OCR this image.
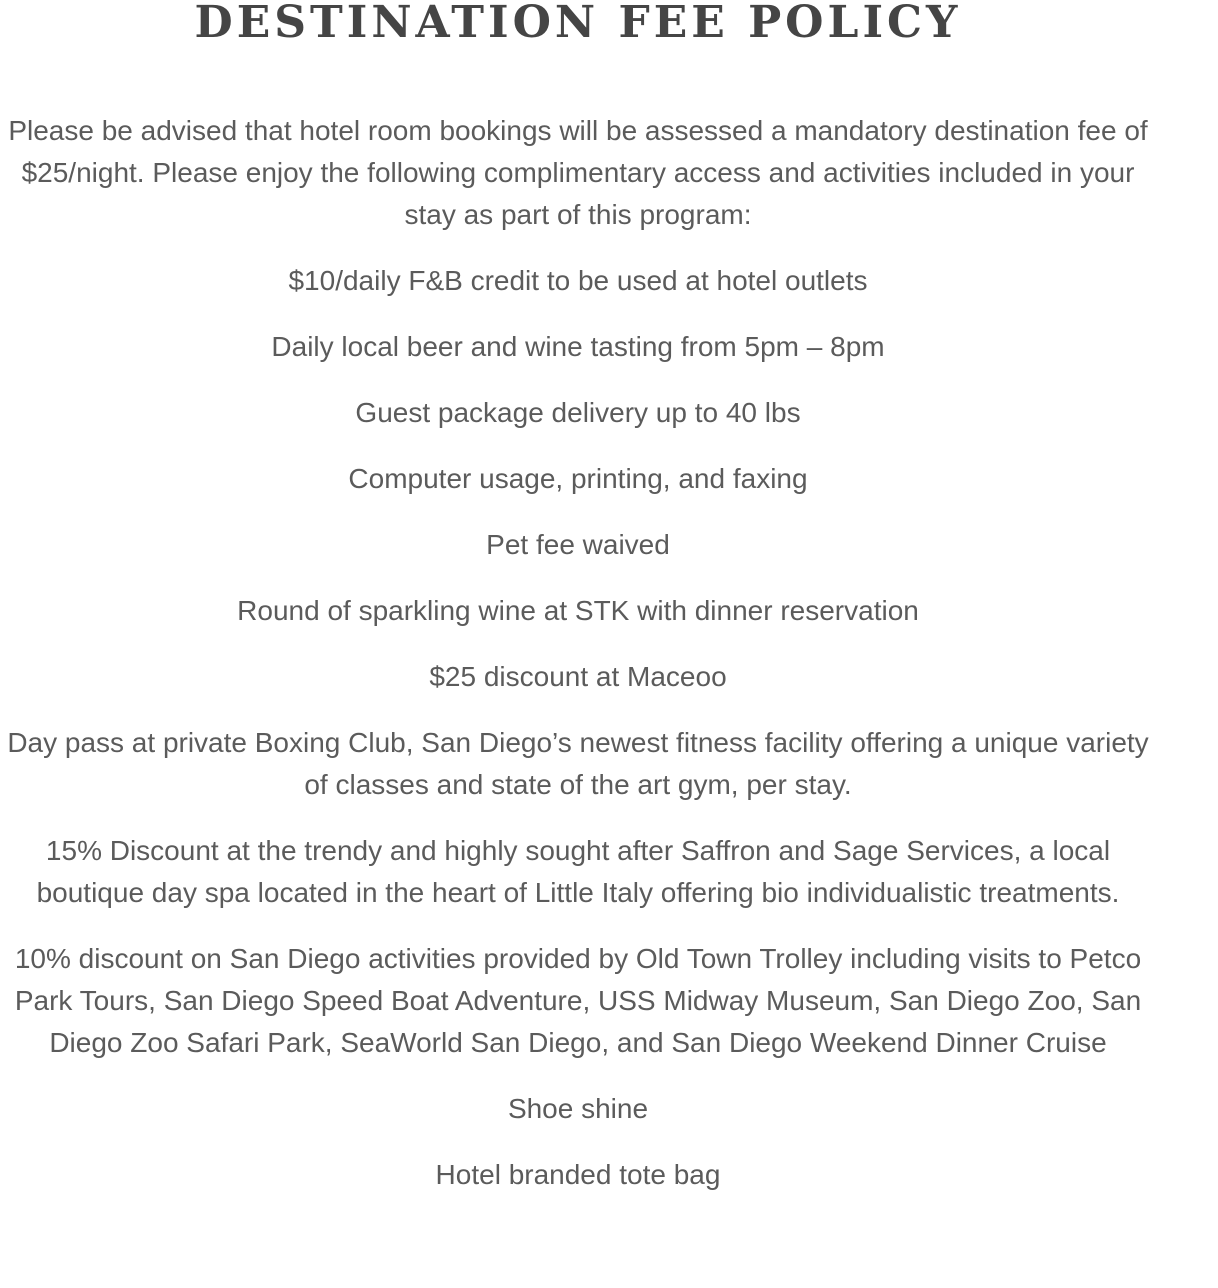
DESTINATION FEE POLICY

Please be advised that hotel room bookings will be assessed a mandatory destination fee of $25/night. Please enjoy the following complimentary access and activities included in your stay as part of this program:

$10/daily F&B credit to be used at hotel outlets

Daily local beer and wine tasting from 5pm – 8pm

Guest package delivery up to 40 lbs

Computer usage, printing, and faxing

Pet fee waived

Round of sparkling wine at STK with dinner reservation

$25 discount at Maceoo

Day pass at private Boxing Club, San Diego’s newest fitness facility offering a unique variety of classes and state of the art gym, per stay.

15% Discount at the trendy and highly sought after Saffron and Sage Services, a local boutique day spa located in the heart of Little Italy offering bio individualistic treatments.

10% discount on San Diego activities provided by Old Town Trolley including visits to Petco Park Tours, San Diego Speed Boat Adventure, USS Midway Museum, San Diego Zoo, San Diego Zoo Safari Park, SeaWorld San Diego, and San Diego Weekend Dinner Cruise

Shoe shine

Hotel branded tote bag
